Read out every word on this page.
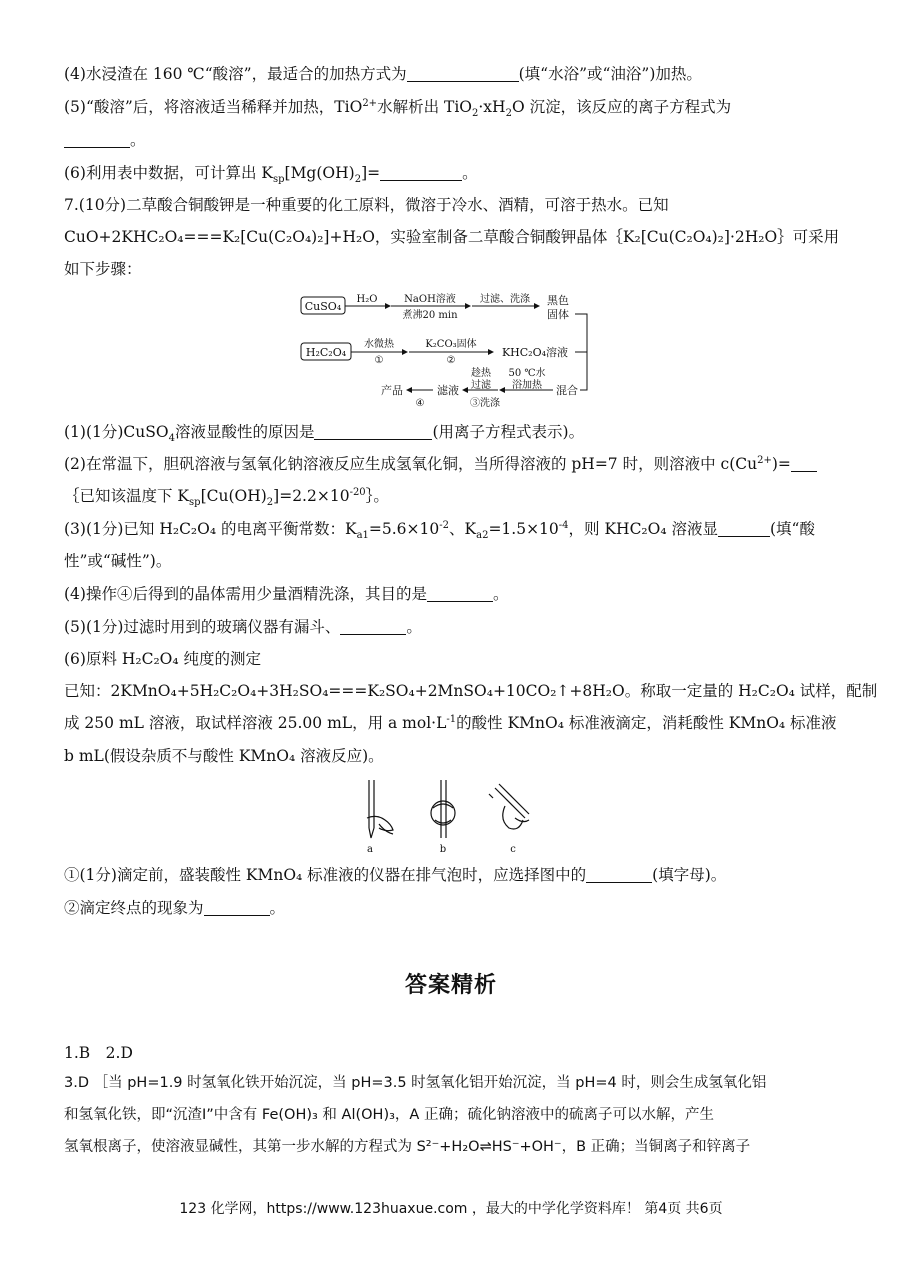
(4)水浸渣在 160 ℃“酸溶”，最适合的加热方式为	(填“水浴”或“油浴”)加热。
(5)“酸溶”后，将溶液适当稀释并加热，TiO$^{2+}$水解析出 $TiO_2\cdot xH_2O$ 沉淀，该反应的离子方程式为
。
(6)利用表中数据，可计算出 $K_{sp}[Mg(OH)_2]=$	。
7.(10分)二草酸合铜酸钾是一种重要的化工原料，微溶于冷水、酒精，可溶于热水。已知
CuO+2KHC₂O₄===K₂[Cu(C₂O₄)₂]+H₂O，实验室制备二草酸合铜酸钾晶体｛K₂[Cu(C₂O₄)₂]·2H₂O｝可采用
如下步骤：
CuSO₄
H₂O	NaOH溶液
煮沸20 min
过滤、洗涤 黑色
固体
H₂C₂O₄
水微热
①
K₂CO₃固体
②
KHC₂O₄溶液
混合
50 ℃水
浴加热
趁热
过滤
③洗涤
滤液
④
产品
(1)(1分)CuSO$_4$溶液显酸性的原因是	(用离子方程式表示)。
(2)在常温下，胆矾溶液与氢氧化钠溶液反应生成氢氧化铜，当所得溶液的 pH=7 时，则溶液中 $c(Cu^{2+})=$
｛已知该温度下 $K_{sp}[Cu(OH)_2]=2.2\times 10^{-20}\}$。
(3)(1分)已知 H₂C₂O₄ 的电离平衡常数：$K_{a1}=5.6\times 10^{-2}$、$K_{a2}=1.5\times 10^{-4}$，则 KHC₂O₄ 溶液显	(填“酸
性”或“碱性”)。
(4)操作④后得到的晶体需用少量酒精洗涤，其目的是	。
(5)(1分)过滤时用到的玻璃仪器有漏斗、	。
(6)原料 H₂C₂O₄ 纯度的测定
已知：2KMnO₄+5H₂C₂O₄+3H₂SO₄===K₂SO₄+2MnSO₄+10CO₂↑+8H₂O。称取一定量的 H₂C₂O₄ 试样，配制
成 250 mL 溶液，取试样溶液 25.00 mL，用 a $mol\cdot L^{-1}$的酸性 KMnO₄ 标准液滴定，消耗酸性 KMnO₄ 标准液
b mL(假设杂质不与酸性 KMnO₄ 溶液反应)。
a	b	c
①(1分)滴定前，盛装酸性 KMnO₄ 标准液的仪器在排气泡时，应选择图中的	(填字母)。
②滴定终点的现象为	。
答案精析
1.B　2.D
3.D ［当 pH=1.9 时氢氧化铁开始沉淀，当 pH=3.5 时氢氧化铝开始沉淀，当 pH=4 时，则会生成氢氧化铝
和氢氧化铁，即“沉渣Ⅰ”中含有 Fe(OH)₃ 和 Al(OH)₃，A 正确；硫化钠溶液中的硫离子可以水解，产生
氢氧根离子，使溶液显碱性，其第一步水解的方程式为 S²⁻+H₂O⇌HS⁻+OH⁻，B 正确；当铜离子和锌离子
123 化学网，https://www.123huaxue.com ，最大的中学化学资料库！ 第4页 共6页
